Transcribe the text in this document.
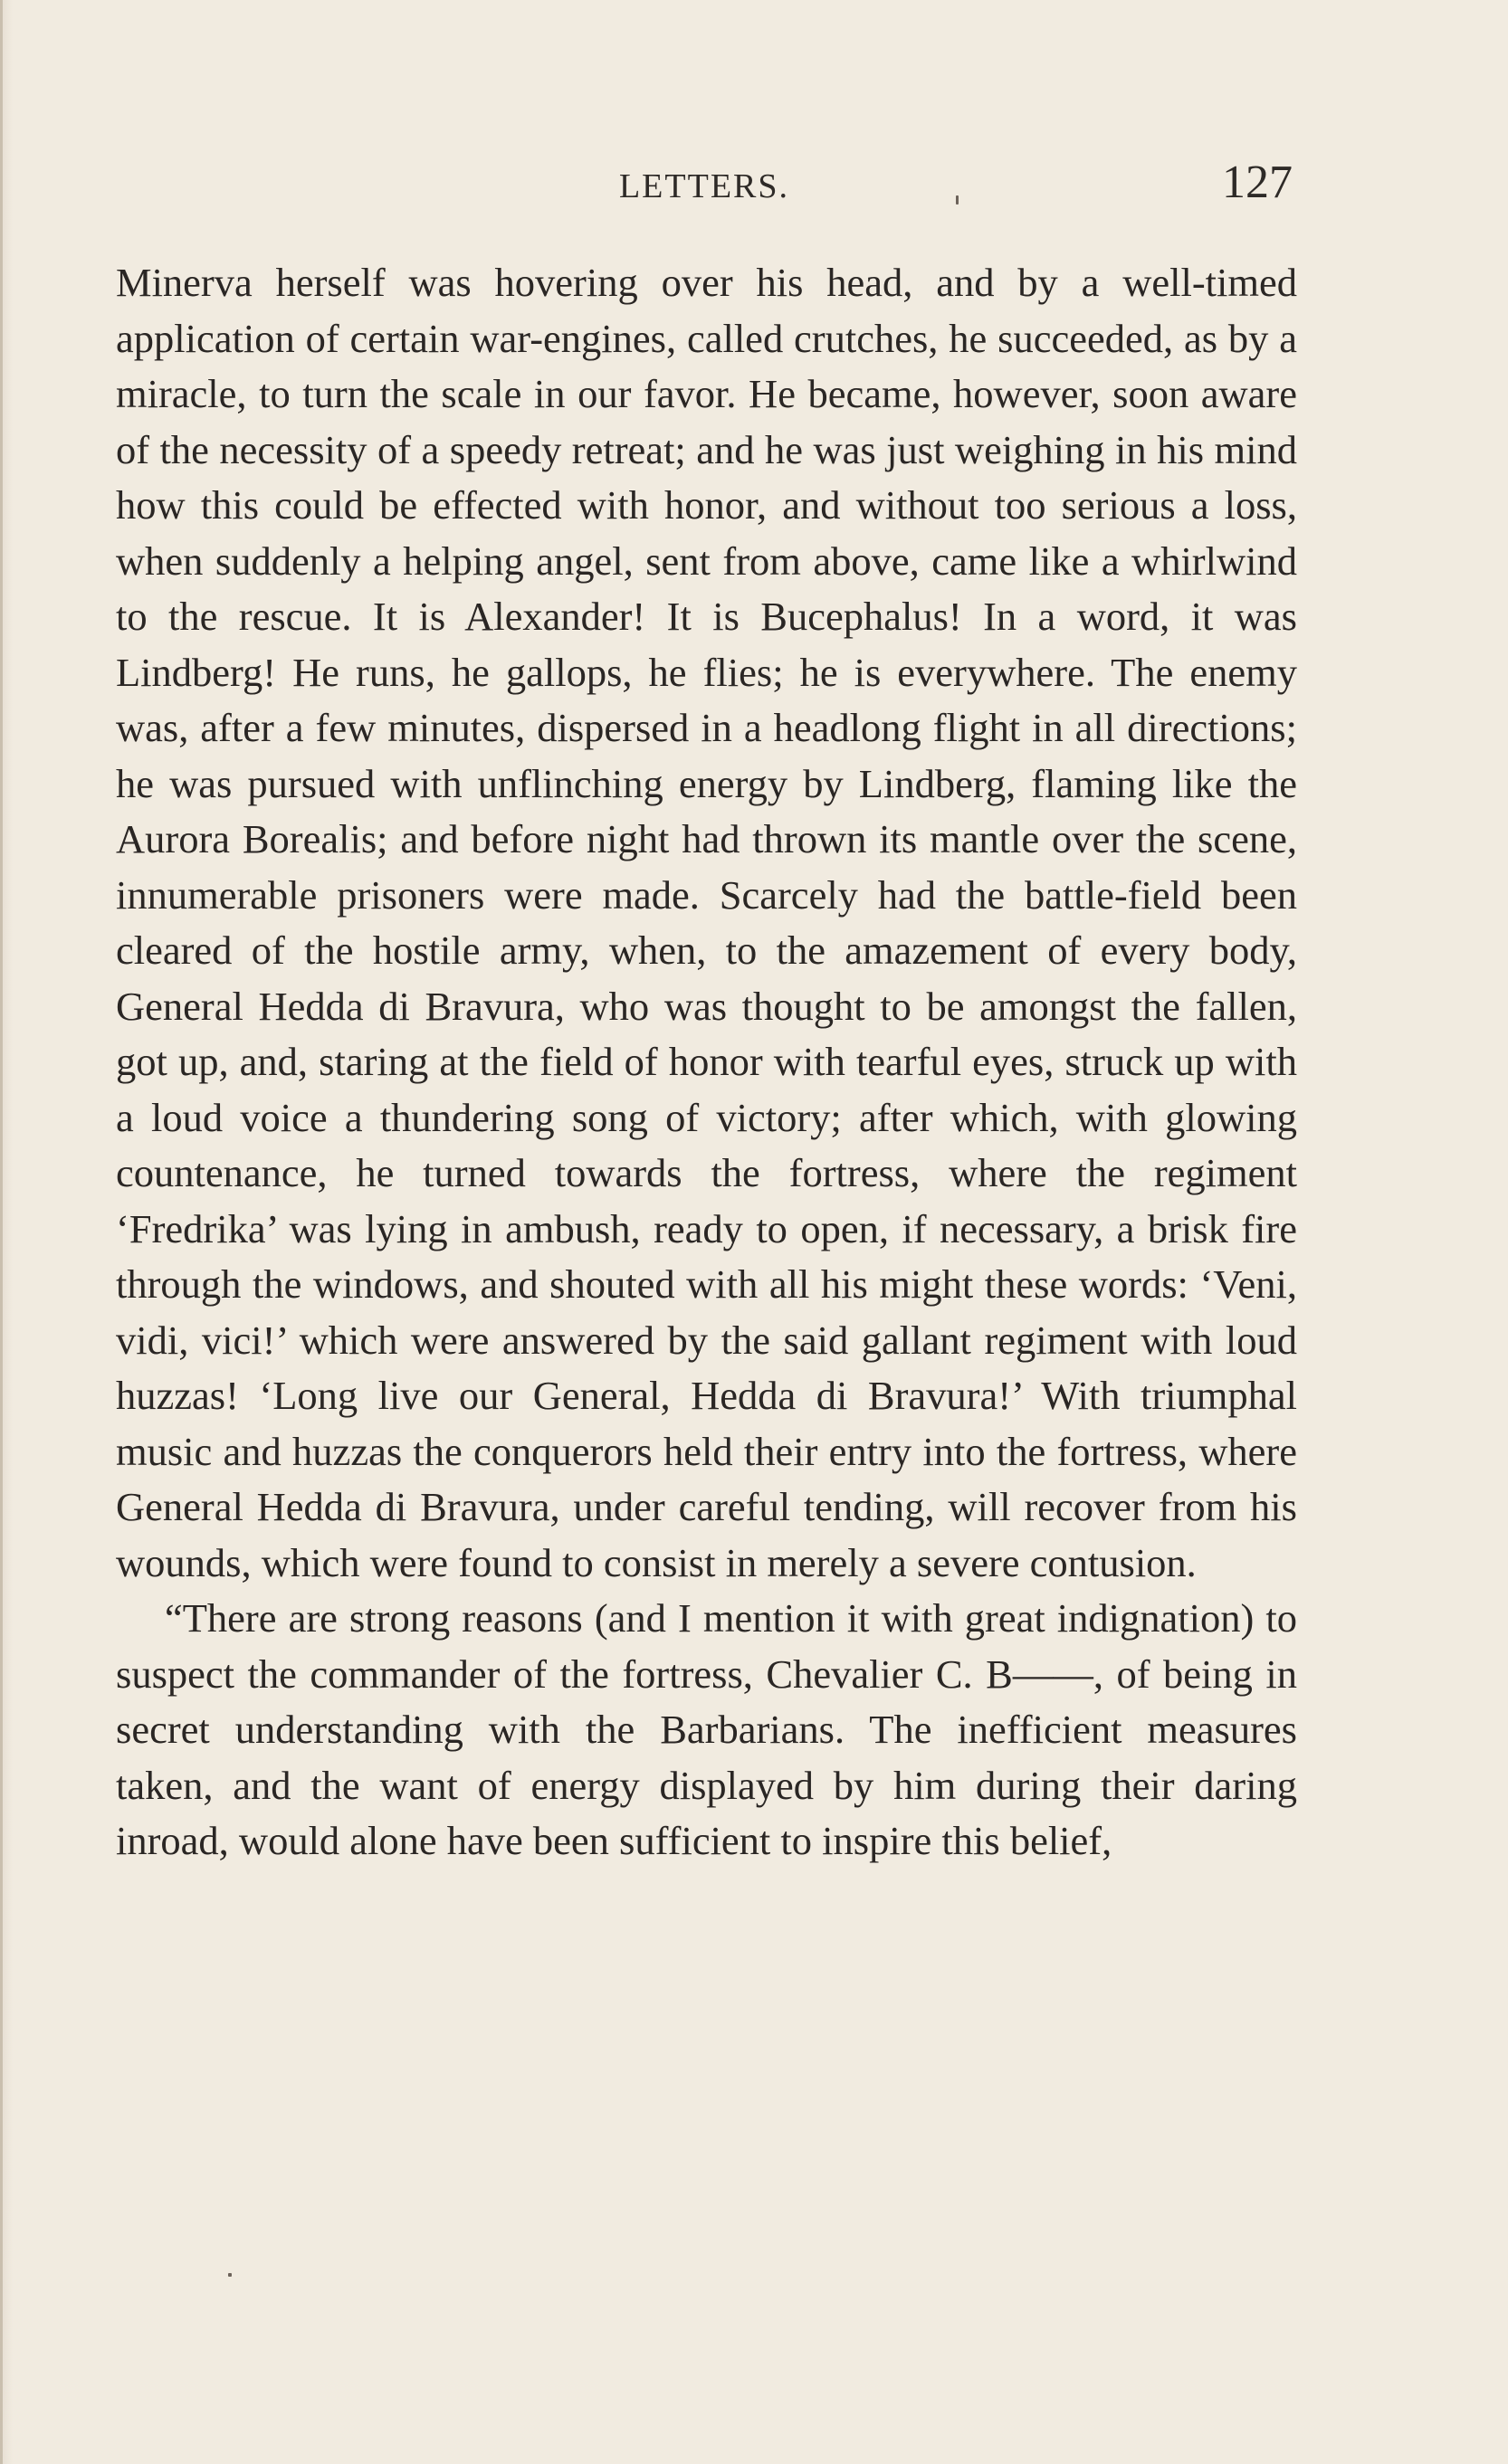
LETTERS.	127

Minerva herself was hovering over his head, and by a well-timed application of certain war-engines, called crutches, he succeeded, as by a miracle, to turn the scale in our favor. He became, however, soon aware of the necessity of a speedy retreat; and he was just weighing in his mind how this could be effected with honor, and without too serious a loss, when suddenly a helping angel, sent from above, came like a whirlwind to the rescue. It is Alexander! It is Bucephalus! In a word, it was Lindberg! He runs, he gallops, he flies; he is everywhere. The enemy was, after a few minutes, dispersed in a headlong flight in all directions; he was pursued with unflinching energy by Lindberg, flaming like the Aurora Borealis; and before night had thrown its mantle over the scene, innumerable prisoners were made. Scarcely had the battle-field been cleared of the hostile army, when, to the amazement of every body, General Hedda di Bravura, who was thought to be amongst the fallen, got up, and, staring at the field of honor with tearful eyes, struck up with a loud voice a thundering song of victory; after which, with glowing countenance, he turned towards the fortress, where the regiment ‘Fredrika’ was lying in ambush, ready to open, if necessary, a brisk fire through the windows, and shouted with all his might these words: ‘Veni, vidi, vici!’ which were answered by the said gallant regiment with loud huzzas! ‘Long live our General, Hedda di Bravura!’ With triumphal music and huzzas the conquerors held their entry into the fortress, where General Hedda di Bravura, under careful tending, will recover from his wounds, which were found to consist in merely a severe contusion.

“There are strong reasons (and I mention it with great indignation) to suspect the commander of the fortress, Chevalier C. B——, of being in secret understanding with the Barbarians. The inefficient measures taken, and the want of energy displayed by him during their daring inroad, would alone have been sufficient to inspire this belief,
